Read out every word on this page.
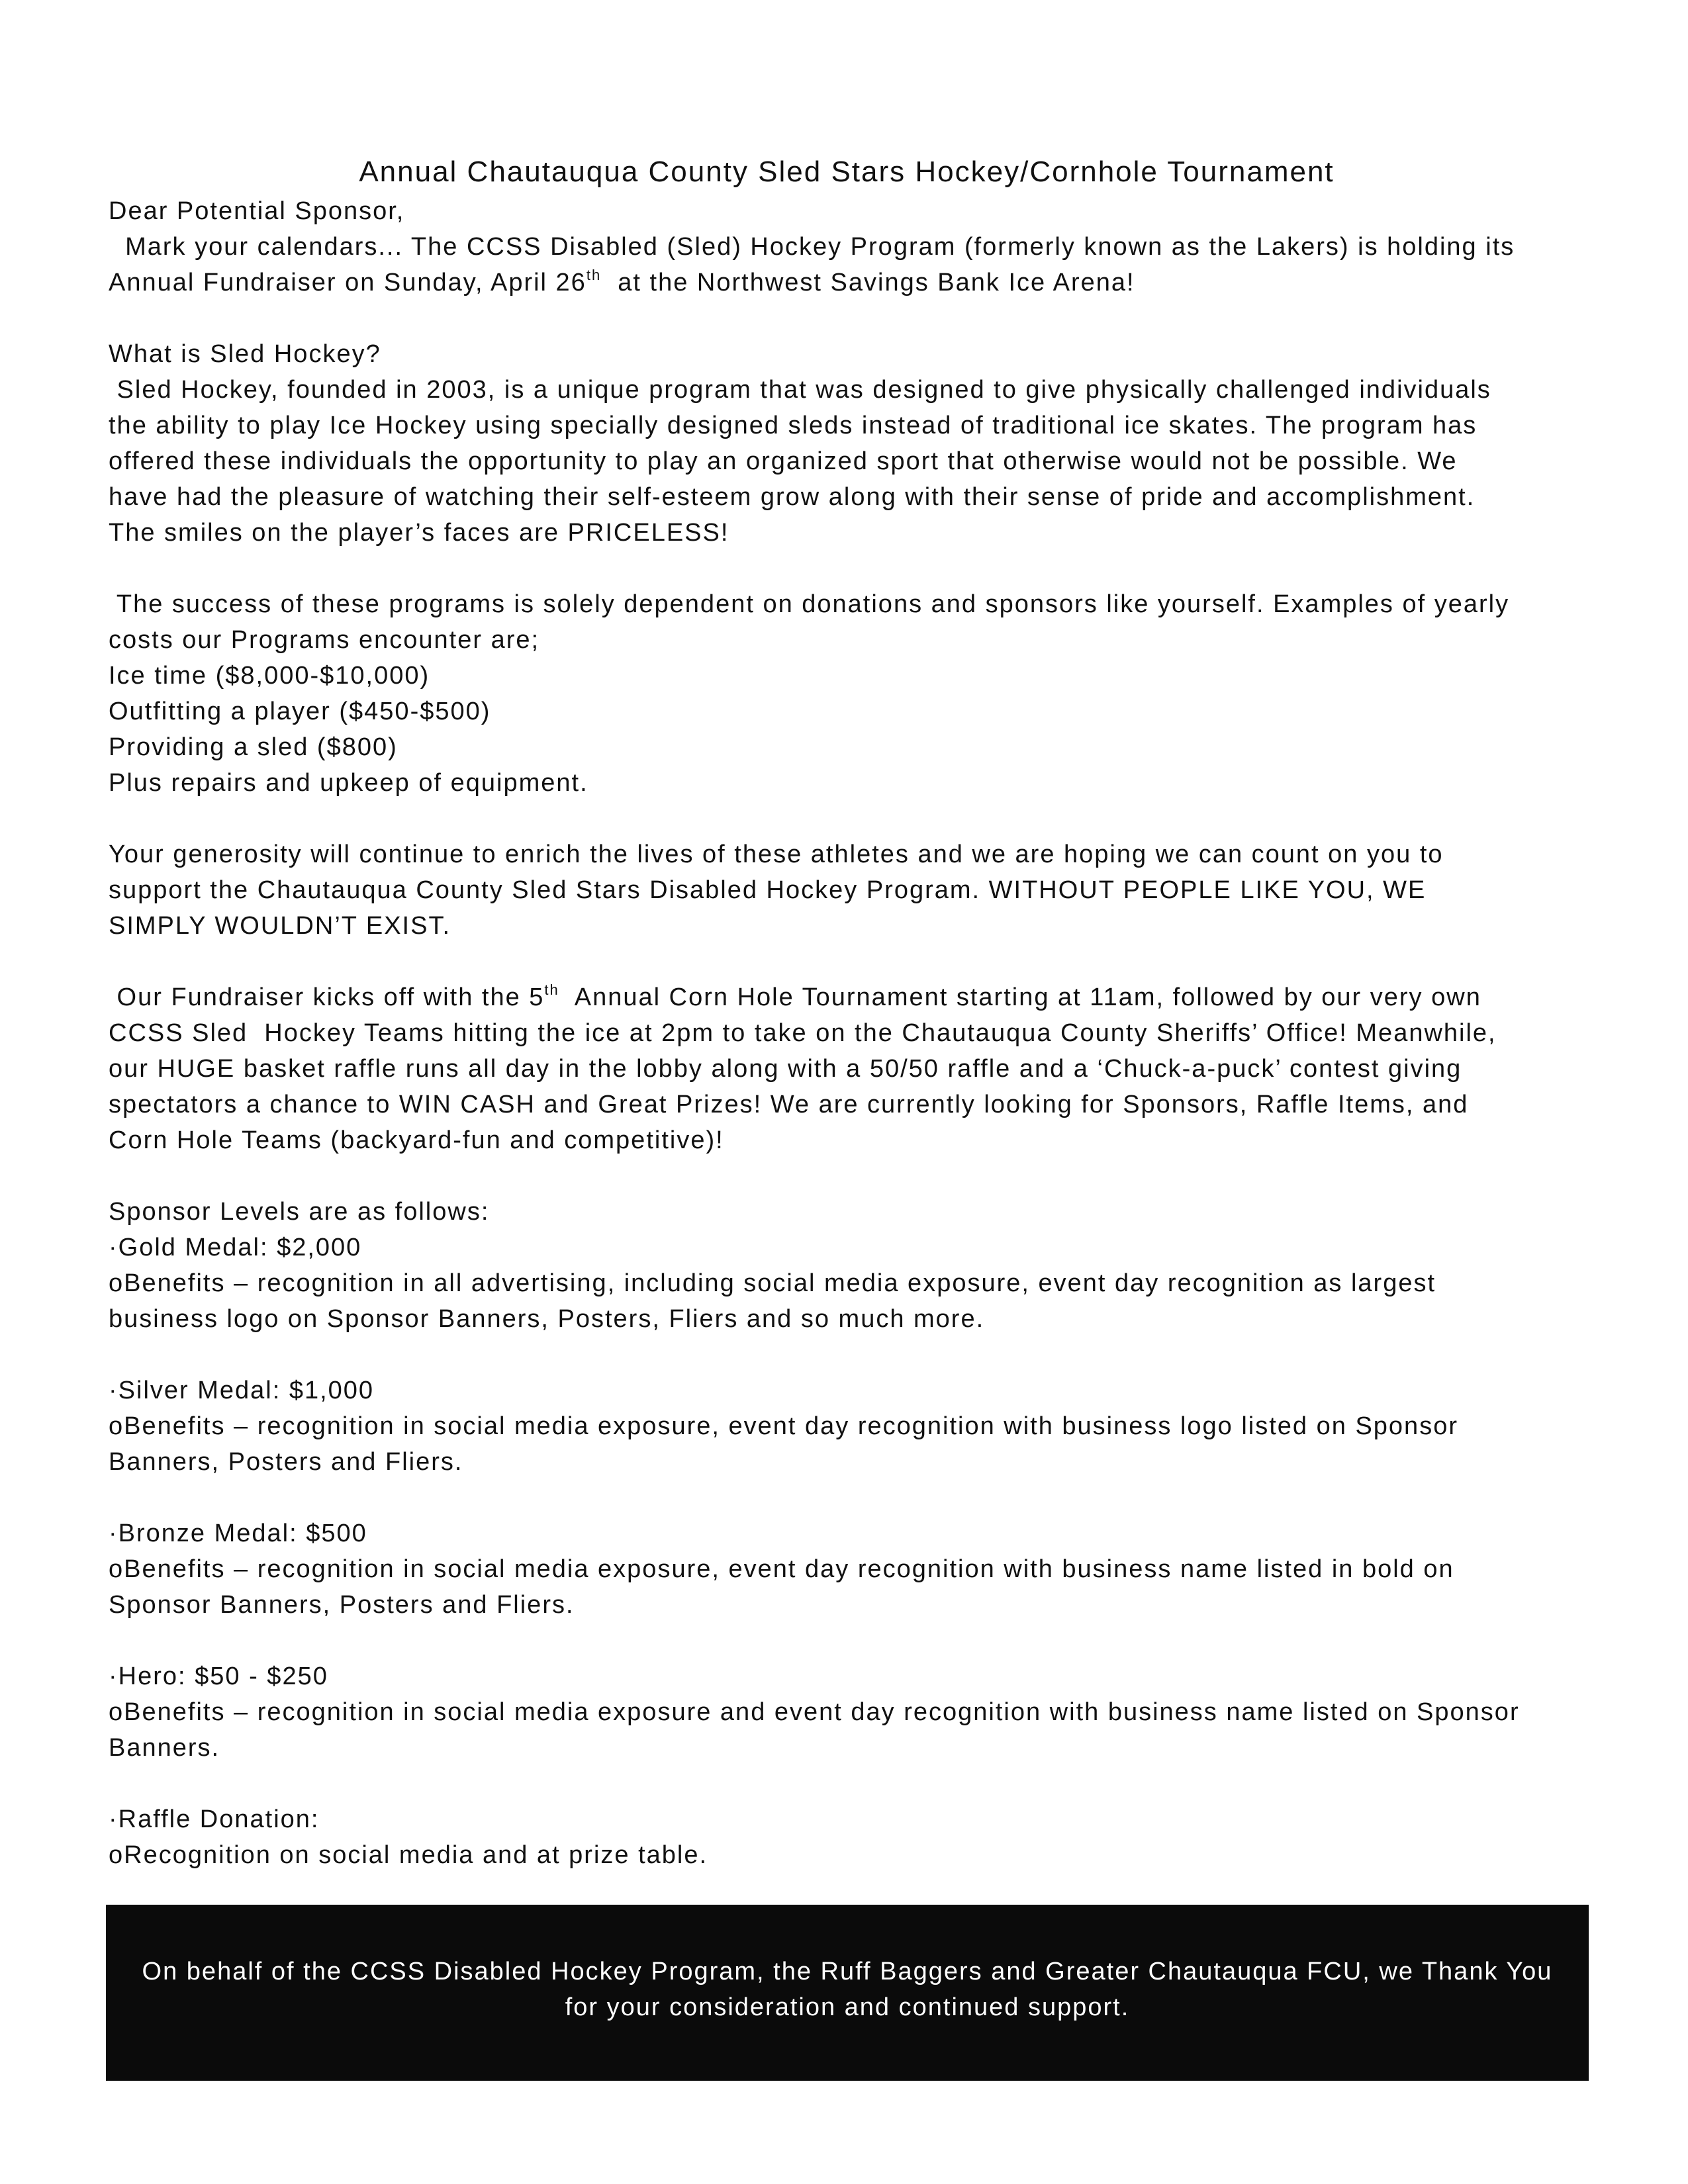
Annual Chautauqua County Sled Stars Hockey/Cornhole Tournament
Dear Potential Sponsor,
Mark your calendars... The CCSS Disabled (Sled) Hockey Program (formerly known as the Lakers) is holding its
Annual Fundraiser on Sunday, April 26th  at the Northwest Savings Bank Ice Arena!
What is Sled Hockey?
Sled Hockey, founded in 2003, is a unique program that was designed to give physically challenged individuals
the ability to play Ice Hockey using specially designed sleds instead of traditional ice skates. The program has
offered these individuals the opportunity to play an organized sport that otherwise would not be possible. We
have had the pleasure of watching their self-esteem grow along with their sense of pride and accomplishment.
The smiles on the player’s faces are PRICELESS!
The success of these programs is solely dependent on donations and sponsors like yourself. Examples of yearly
costs our Programs encounter are;
Ice time ($8,000-$10,000)
Outfitting a player ($450-$500)
Providing a sled ($800)
Plus repairs and upkeep of equipment.
Your generosity will continue to enrich the lives of these athletes and we are hoping we can count on you to
support the Chautauqua County Sled Stars Disabled Hockey Program. WITHOUT PEOPLE LIKE YOU, WE
SIMPLY WOULDN’T EXIST.
Our Fundraiser kicks off with the 5th  Annual Corn Hole Tournament starting at 11am, followed by our very own
CCSS Sled  Hockey Teams hitting the ice at 2pm to take on the Chautauqua County Sheriffs’ Office! Meanwhile,
our HUGE basket raffle runs all day in the lobby along with a 50/50 raffle and a ‘Chuck-a-puck’ contest giving
spectators a chance to WIN CASH and Great Prizes! We are currently looking for Sponsors, Raffle Items, and
Corn Hole Teams (backyard-fun and competitive)!
Sponsor Levels are as follows:
·Gold Medal: $2,000
oBenefits – recognition in all advertising, including social media exposure, event day recognition as largest
business logo on Sponsor Banners, Posters, Fliers and so much more.
·Silver Medal: $1,000
oBenefits – recognition in social media exposure, event day recognition with business logo listed on Sponsor
Banners, Posters and Fliers.
·Bronze Medal: $500
oBenefits – recognition in social media exposure, event day recognition with business name listed in bold on
Sponsor Banners, Posters and Fliers.
·Hero: $50 - $250
oBenefits – recognition in social media exposure and event day recognition with business name listed on Sponsor
Banners.
·Raffle Donation:
oRecognition on social media and at prize table.
On behalf of the CCSS Disabled Hockey Program, the Ruff Baggers and Greater Chautauqua FCU, we Thank You
for your consideration and continued support.
